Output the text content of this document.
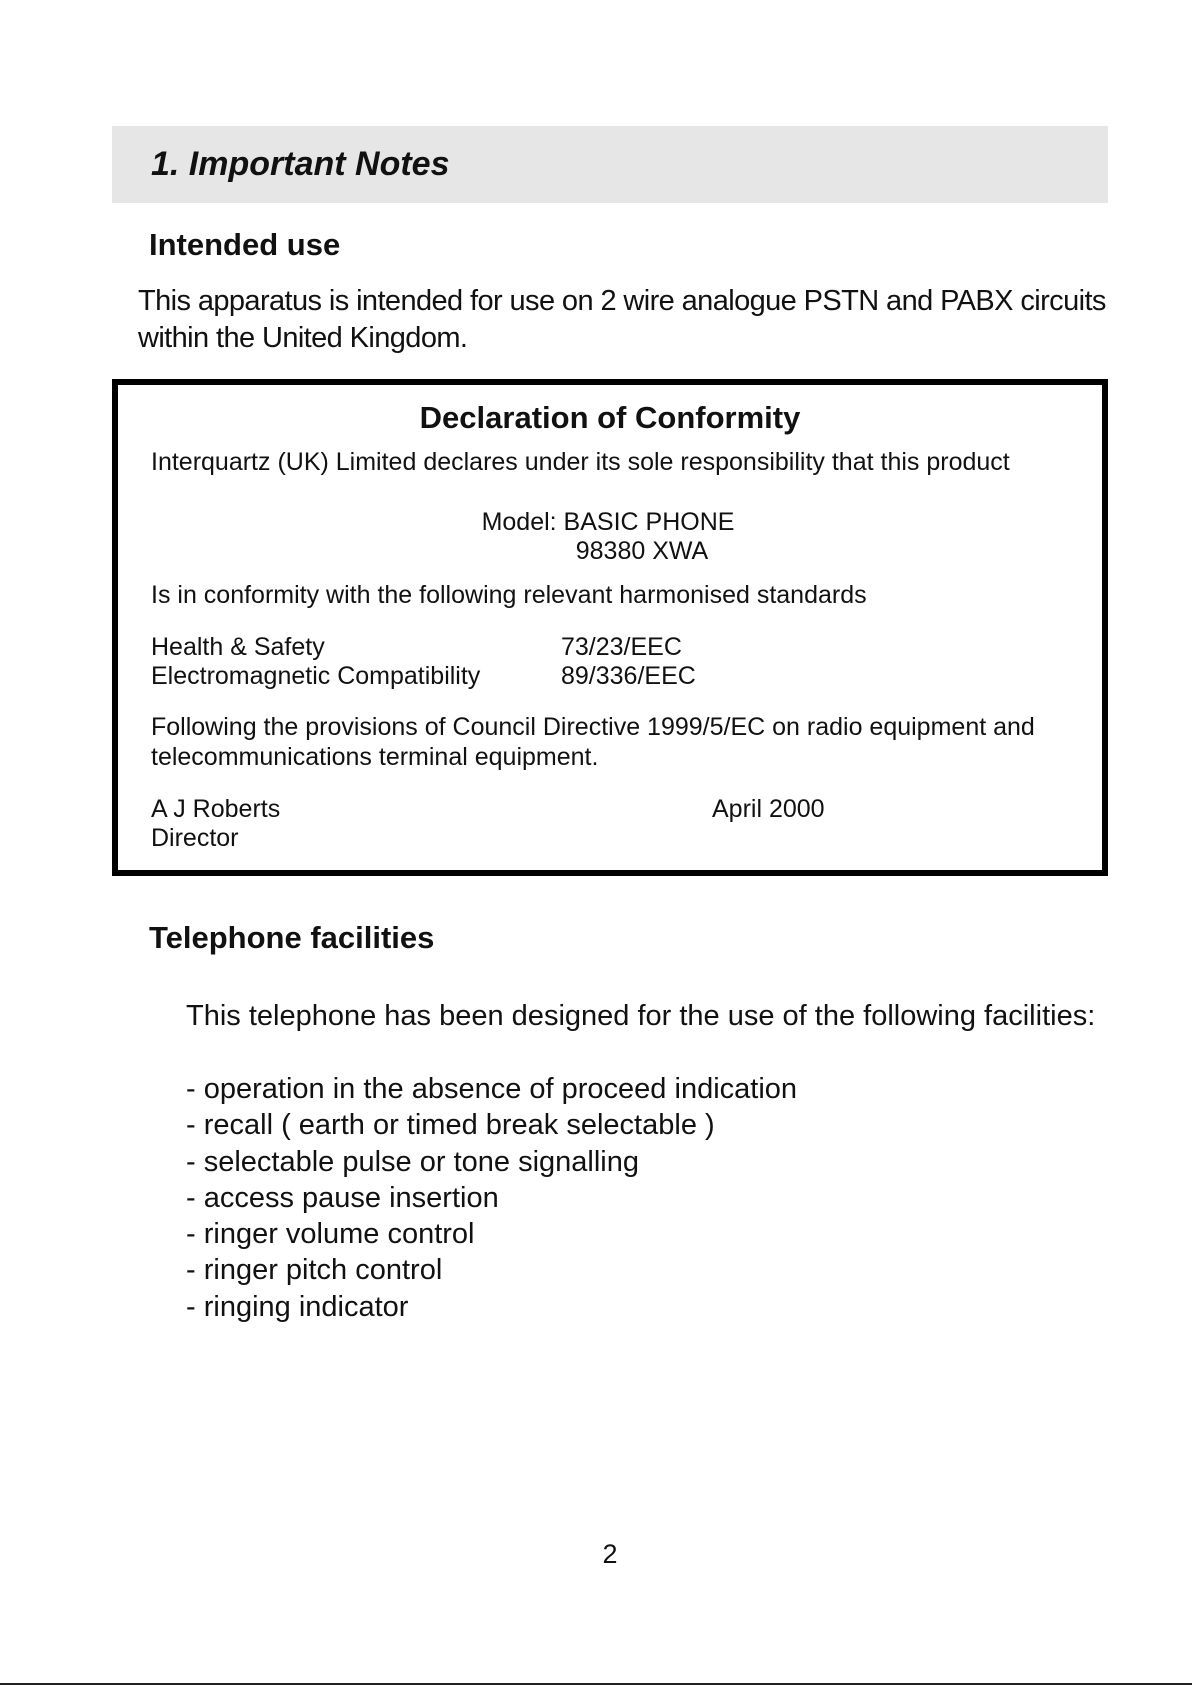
1. Important Notes
Intended use

This apparatus is intended for use on 2 wire analogue PSTN and PABX circuits
within the United Kingdom.

Declaration of Conformity

Interquartz (UK) Limited declares under its sole responsibility that this product

Model: BASIC PHONE

98380 XWA

Is in conformity with the following relevant harmonised standards

Health & Safety	73/23/EEC

Electromagnetic Compatibility	89/336/EEC

Following the provisions of Council Directive 1999/5/EC on radio equipment and

telecommunications terminal equipment.

A J Roberts	April 2000

Director

Telephone facilities

This telephone has been designed for the use of the following facilities:

- operation in the absence of proceed indication
- recall ( earth or timed break selectable )
- selectable pulse or tone signalling
- access pause insertion
- ringer volume control
- ringer pitch control
- ringing indicator

2
